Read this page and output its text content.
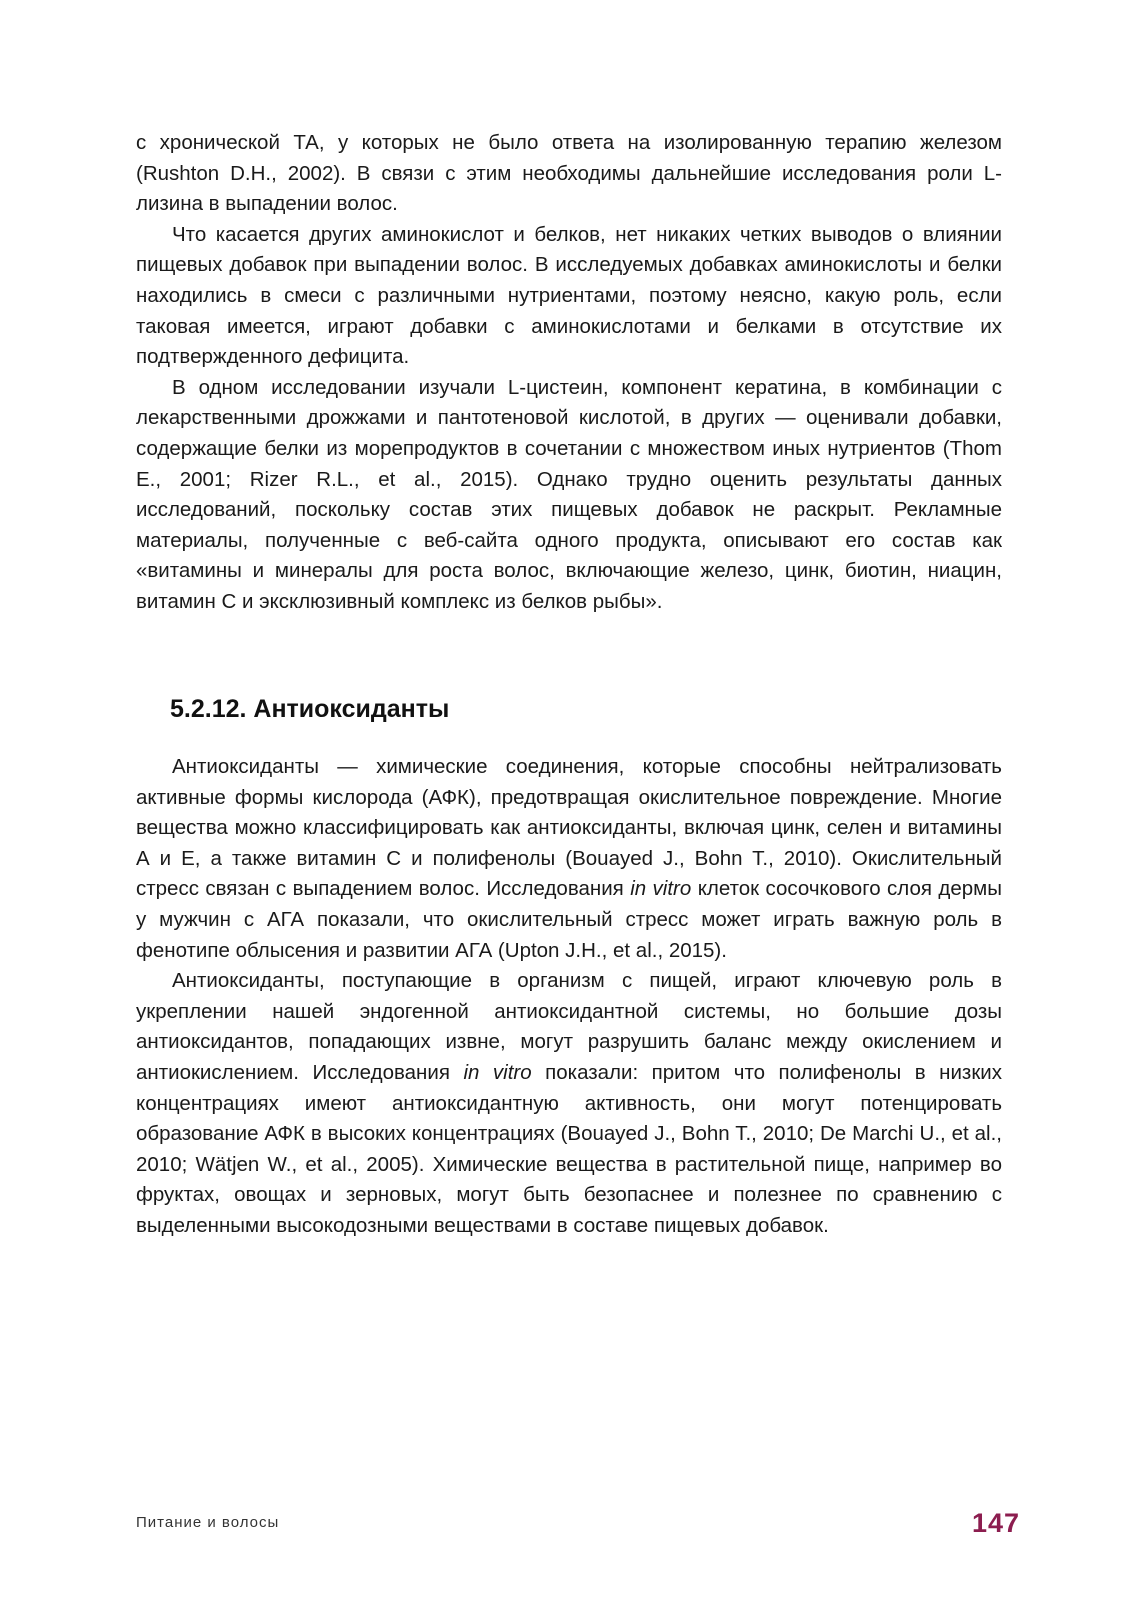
с хронической ТА, у которых не было ответа на изолированную терапию железом (Rushton D.H., 2002). В связи с этим необходимы дальнейшие исследования роли L-лизина в выпадении волос.

Что касается других аминокислот и белков, нет никаких четких выводов о влиянии пищевых добавок при выпадении волос. В исследуемых добавках аминокислоты и белки находились в смеси с различными нутриентами, поэтому неясно, какую роль, если таковая имеется, играют добавки с аминокислотами и белками в отсутствие их подтвержденного дефицита.

В одном исследовании изучали L-цистеин, компонент кератина, в комбинации с лекарственными дрожжами и пантотеновой кислотой, в других — оценивали добавки, содержащие белки из морепродуктов в сочетании с множеством иных нутриентов (Thom E., 2001; Rizer R.L., et al., 2015). Однако трудно оценить результаты данных исследований, поскольку состав этих пищевых добавок не раскрыт. Рекламные материалы, полученные с веб-сайта одного продукта, описывают его состав как «витамины и минералы для роста волос, включающие железо, цинк, биотин, ниацин, витамин С и эксклюзивный комплекс из белков рыбы».

5.2.12. Антиоксиданты

Антиоксиданты — химические соединения, которые способны нейтрализовать активные формы кислорода (АФК), предотвращая окислительное повреждение. Многие вещества можно классифицировать как антиоксиданты, включая цинк, селен и витамины А и Е, а также витамин С и полифенолы (Bouayed J., Bohn T., 2010). Окислительный стресс связан с выпадением волос. Исследования in vitro клеток сосочкового слоя дермы у мужчин с АГА показали, что окислительный стресс может играть важную роль в фенотипе облысения и развитии АГА (Upton J.H., et al., 2015).

Антиоксиданты, поступающие в организм с пищей, играют ключевую роль в укреплении нашей эндогенной антиоксидантной системы, но большие дозы антиоксидантов, попадающих извне, могут разрушить баланс между окислением и антиокислением. Исследования in vitro показали: притом что полифенолы в низких концентрациях имеют антиоксидантную активность, они могут потенцировать образование АФК в высоких концентрациях (Bouayed J., Bohn T., 2010; De Marchi U., et al., 2010; Wätjen W., et al., 2005). Химические вещества в растительной пище, например во фруктах, овощах и зерновых, могут быть безопаснее и полезнее по сравнению с выделенными высокодозными веществами в составе пищевых добавок.

Питание и волосы	147
